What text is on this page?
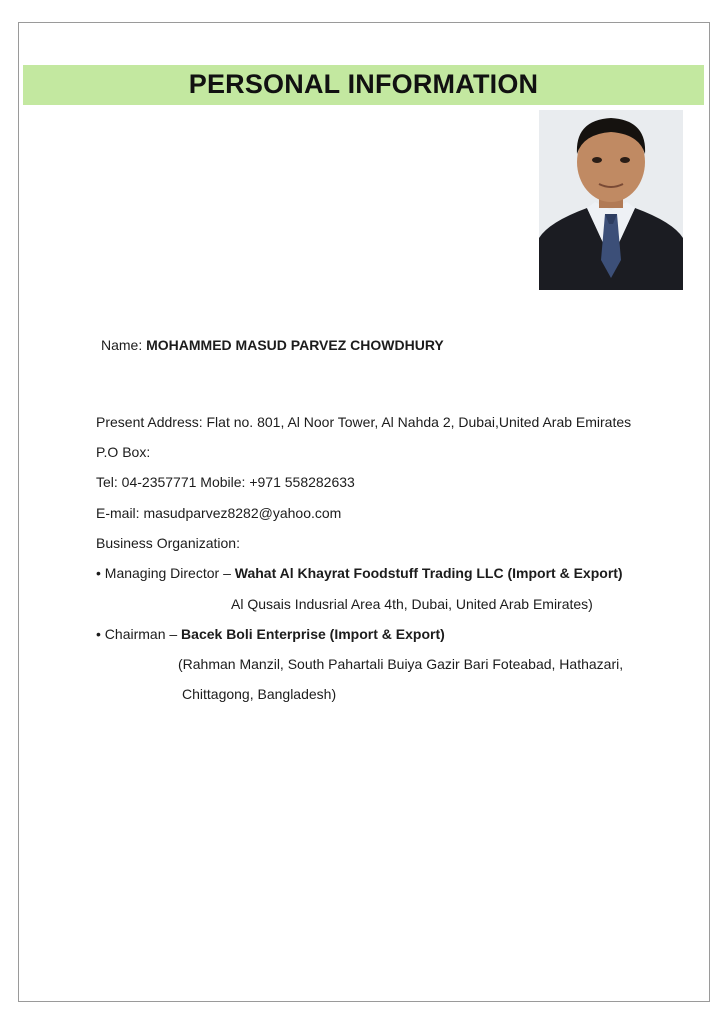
PERSONAL INFORMATION
Name: MOHAMMED MASUD PARVEZ CHOWDHURY
Present Address: Flat no. 801, Al Noor Tower, Al Nahda 2, Dubai,United Arab Emirates
P.O Box:
Tel: 04-2357771 Mobile: +971 558282633
E-mail: masudparvez8282@yahoo.com
Business Organization:
• Managing Director – Wahat Al Khayrat Foodstuff Trading LLC (Import & Export)
Al Qusais Indusrial Area 4th, Dubai, United Arab Emirates)
• Chairman – Bacek Boli Enterprise (Import & Export)
(Rahman Manzil, South Pahartali Buiya Gazir Bari Foteabad, Hathazari,
Chittagong, Bangladesh)
